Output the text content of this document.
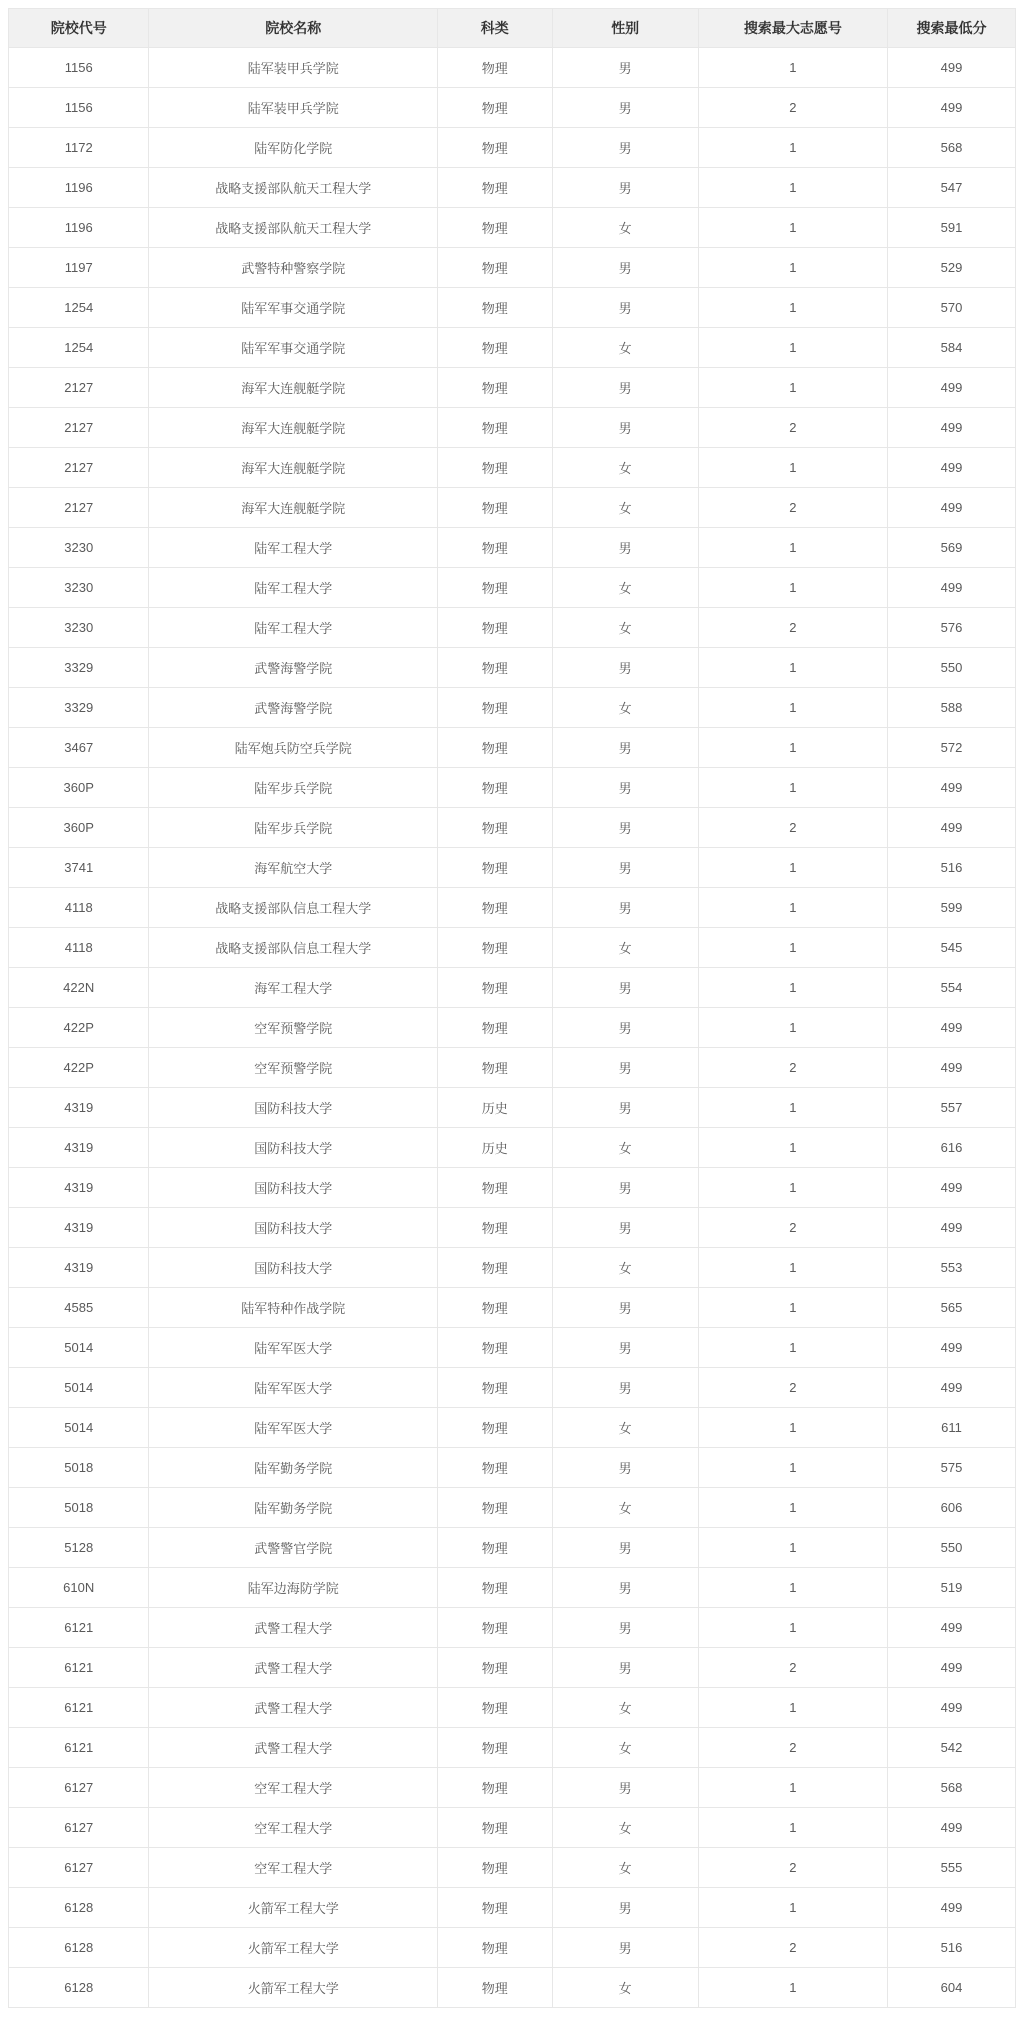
院校代号	院校名称	科类	性别	搜索最大志愿号	搜索最低分
1156	陆军装甲兵学院	物理	男	1	499
1156	陆军装甲兵学院	物理	男	2	499
1172	陆军防化学院	物理	男	1	568
1196	战略支援部队航天工程大学	物理	男	1	547
1196	战略支援部队航天工程大学	物理	女	1	591
1197	武警特种警察学院	物理	男	1	529
1254	陆军军事交通学院	物理	男	1	570
1254	陆军军事交通学院	物理	女	1	584
2127	海军大连舰艇学院	物理	男	1	499
2127	海军大连舰艇学院	物理	男	2	499
2127	海军大连舰艇学院	物理	女	1	499
2127	海军大连舰艇学院	物理	女	2	499
3230	陆军工程大学	物理	男	1	569
3230	陆军工程大学	物理	女	1	499
3230	陆军工程大学	物理	女	2	576
3329	武警海警学院	物理	男	1	550
3329	武警海警学院	物理	女	1	588
3467	陆军炮兵防空兵学院	物理	男	1	572
360P	陆军步兵学院	物理	男	1	499
360P	陆军步兵学院	物理	男	2	499
3741	海军航空大学	物理	男	1	516
4118	战略支援部队信息工程大学	物理	男	1	599
4118	战略支援部队信息工程大学	物理	女	1	545
422N	海军工程大学	物理	男	1	554
422P	空军预警学院	物理	男	1	499
422P	空军预警学院	物理	男	2	499
4319	国防科技大学	历史	男	1	557
4319	国防科技大学	历史	女	1	616
4319	国防科技大学	物理	男	1	499
4319	国防科技大学	物理	男	2	499
4319	国防科技大学	物理	女	1	553
4585	陆军特种作战学院	物理	男	1	565
5014	陆军军医大学	物理	男	1	499
5014	陆军军医大学	物理	男	2	499
5014	陆军军医大学	物理	女	1	611
5018	陆军勤务学院	物理	男	1	575
5018	陆军勤务学院	物理	女	1	606
5128	武警警官学院	物理	男	1	550
610N	陆军边海防学院	物理	男	1	519
6121	武警工程大学	物理	男	1	499
6121	武警工程大学	物理	男	2	499
6121	武警工程大学	物理	女	1	499
6121	武警工程大学	物理	女	2	542
6127	空军工程大学	物理	男	1	568
6127	空军工程大学	物理	女	1	499
6127	空军工程大学	物理	女	2	555
6128	火箭军工程大学	物理	男	1	499
6128	火箭军工程大学	物理	男	2	516
6128	火箭军工程大学	物理	女	1	604
